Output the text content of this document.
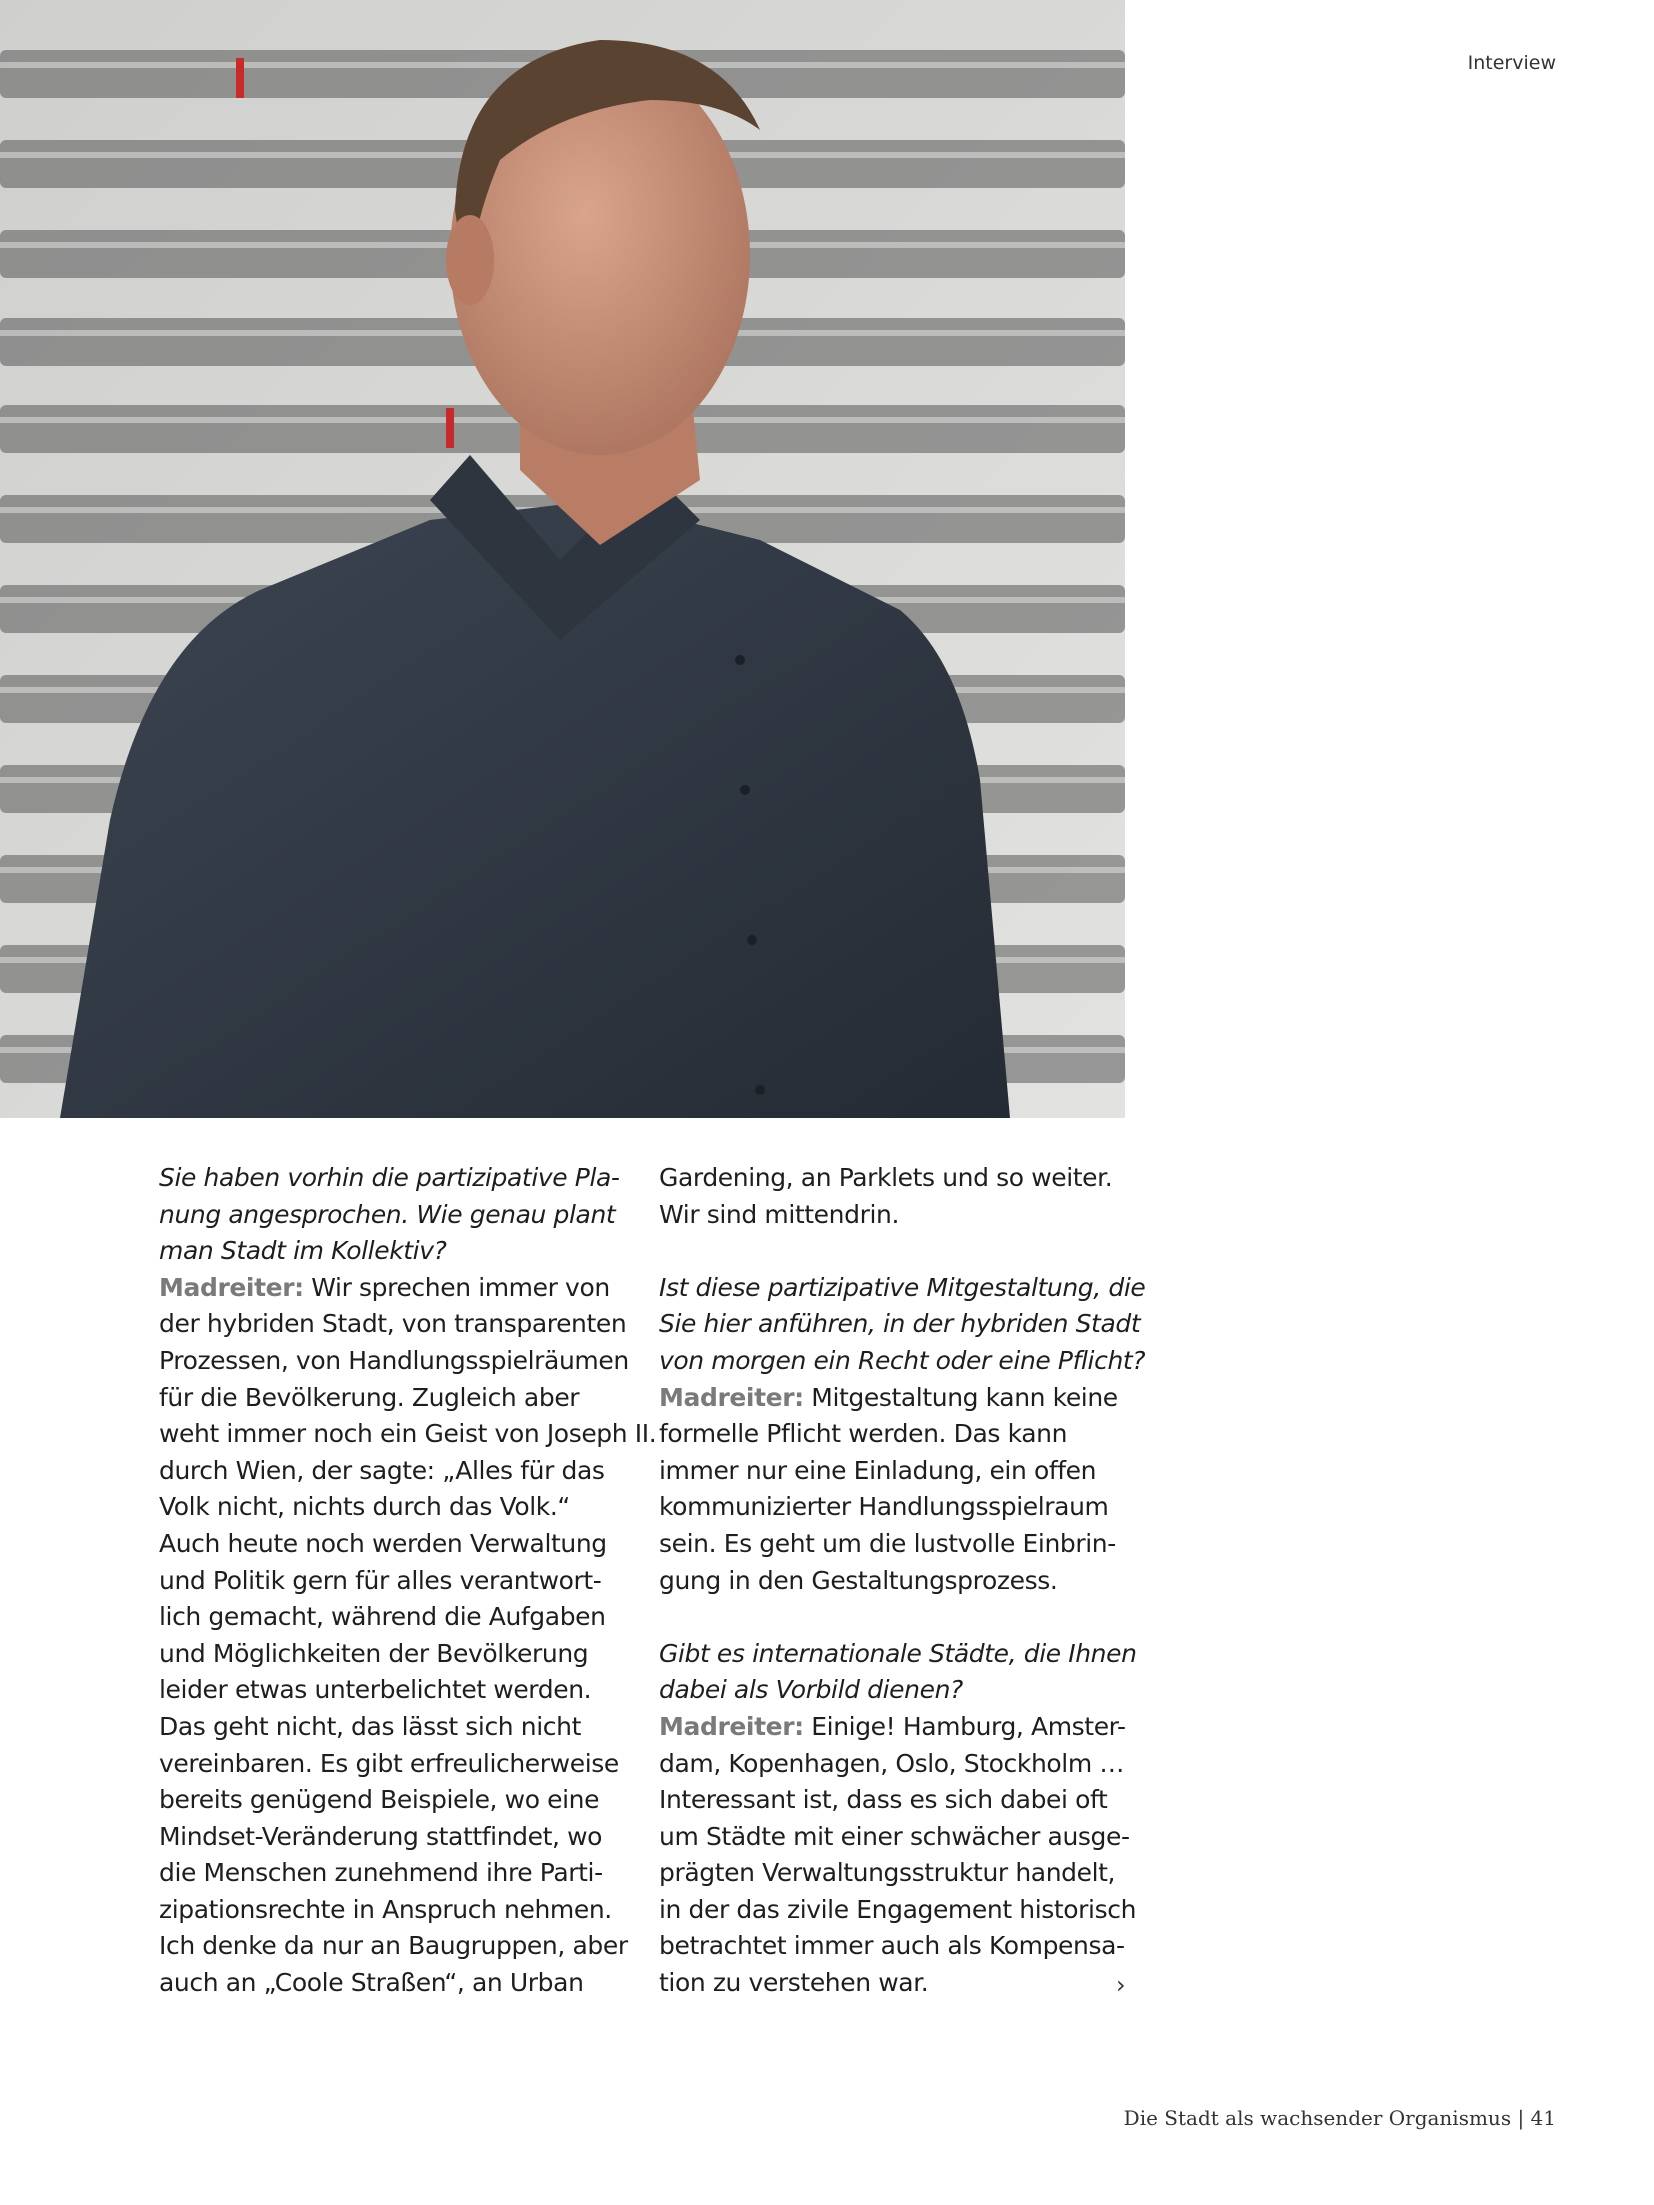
Interview

Sie haben vorhin die partizipative Pla-
nung angesprochen. Wie genau plant
man Stadt im Kollektiv?

Madreiter: Wir sprechen immer von
der hybriden Stadt, von transparenten
Prozessen, von Handlungsspielräumen
für die Bevölkerung. Zugleich aber
weht immer noch ein Geist von Joseph II.
durch Wien, der sagte: „Alles für das
Volk nicht, nichts durch das Volk.“
Auch heute noch werden Verwaltung
und Politik gern für alles verantwort-
lich gemacht, während die Aufgaben
und Möglichkeiten der Bevölkerung
leider etwas unterbelichtet werden.
Das geht nicht, das lässt sich nicht
vereinbaren. Es gibt erfreulicherweise
bereits genügend Beispiele, wo eine
Mindset-Veränderung stattfindet, wo
die Menschen zunehmend ihre Parti-
zipationsrechte in Anspruch nehmen.
Ich denke da nur an Baugruppen, aber
auch an „Coole Straßen“, an Urban

Gardening, an Parklets und so weiter.
Wir sind mittendrin.

Ist diese partizipative Mitgestaltung, die
Sie hier anführen, in der hybriden Stadt
von morgen ein Recht oder eine Pflicht?
Madreiter: Mitgestaltung kann keine
formelle Pflicht werden. Das kann
immer nur eine Einladung, ein offen
kommunizierter Handlungsspielraum
sein. Es geht um die lustvolle Einbrin-
gung in den Gestaltungsprozess.

Gibt es internationale Städte, die Ihnen
dabei als Vorbild dienen?
Madreiter: Einige! Hamburg, Amster-
dam, Kopenhagen, Oslo, Stockholm …
Interessant ist, dass es sich dabei oft
um Städte mit einer schwächer ausge-
prägten Verwaltungsstruktur handelt,
in der das zivile Engagement historisch
betrachtet immer auch als Kompensa-
tion zu verstehen war.	›
Die Stadt als wachsender Organismus | 41
